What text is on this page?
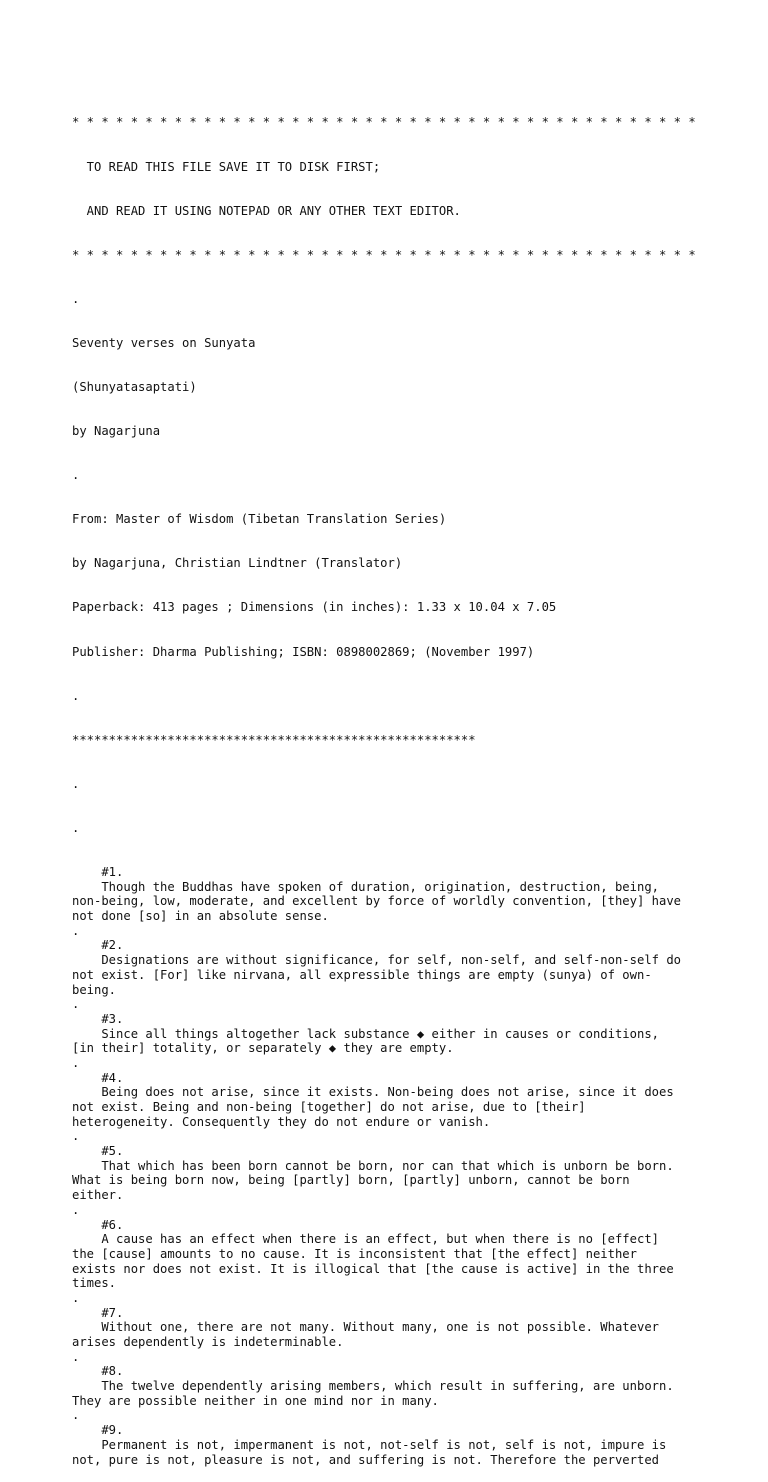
* * * * * * * * * * * * * * * * * * * * * * * * * * * * * * * * * * * * * * * * * * *

TO READ THIS FILE SAVE IT TO DISK FIRST;

AND READ IT USING NOTEPAD OR ANY OTHER TEXT EDITOR.

* * * * * * * * * * * * * * * * * * * * * * * * * * * * * * * * * * * * * * * * * * *

.

Seventy verses on Sunyata

(Shunyatasaptati)

by Nagarjuna

.

From: Master of Wisdom (Tibetan Translation Series)

by Nagarjuna, Christian Lindtner (Translator)

Paperback: 413 pages ; Dimensions (in inches): 1.33 x 10.04 x 7.05

Publisher: Dharma Publishing; ISBN: 0898002869; (November 1997)

.

*******************************************************

.

.

#1.
Though the Buddhas have spoken of duration, origination, destruction, being,
non-being, low, moderate, and excellent by force of worldly convention, [they] have
not done [so] in an absolute sense.
.
#2.
Designations are without significance, for self, non-self, and self-non-self do
not exist. [For] like nirvana, all expressible things are empty (sunya) of own-
being.
.
#3.
Since all things altogether lack substance ◆ either in causes or conditions,
[in their] totality, or separately ◆ they are empty.
.
#4.
Being does not arise, since it exists. Non-being does not arise, since it does
not exist. Being and non-being [together] do not arise, due to [their]
heterogeneity. Consequently they do not endure or vanish.
.
#5.
That which has been born cannot be born, nor can that which is unborn be born.
What is being born now, being [partly] born, [partly] unborn, cannot be born
either.
.
#6.
A cause has an effect when there is an effect, but when there is no [effect]
the [cause] amounts to no cause. It is inconsistent that [the effect] neither
exists nor does not exist. It is illogical that [the cause is active] in the three
times.
.
#7.
Without one, there are not many. Without many, one is not possible. Whatever
arises dependently is indeterminable.
.
#8.
The twelve dependently arising members, which result in suffering, are unborn.
They are possible neither in one mind nor in many.
.
#9.
Permanent is not, impermanent is not, not-self is not, self is not, impure is
not, pure is not, pleasure is not, and suffering is not. Therefore the perverted
